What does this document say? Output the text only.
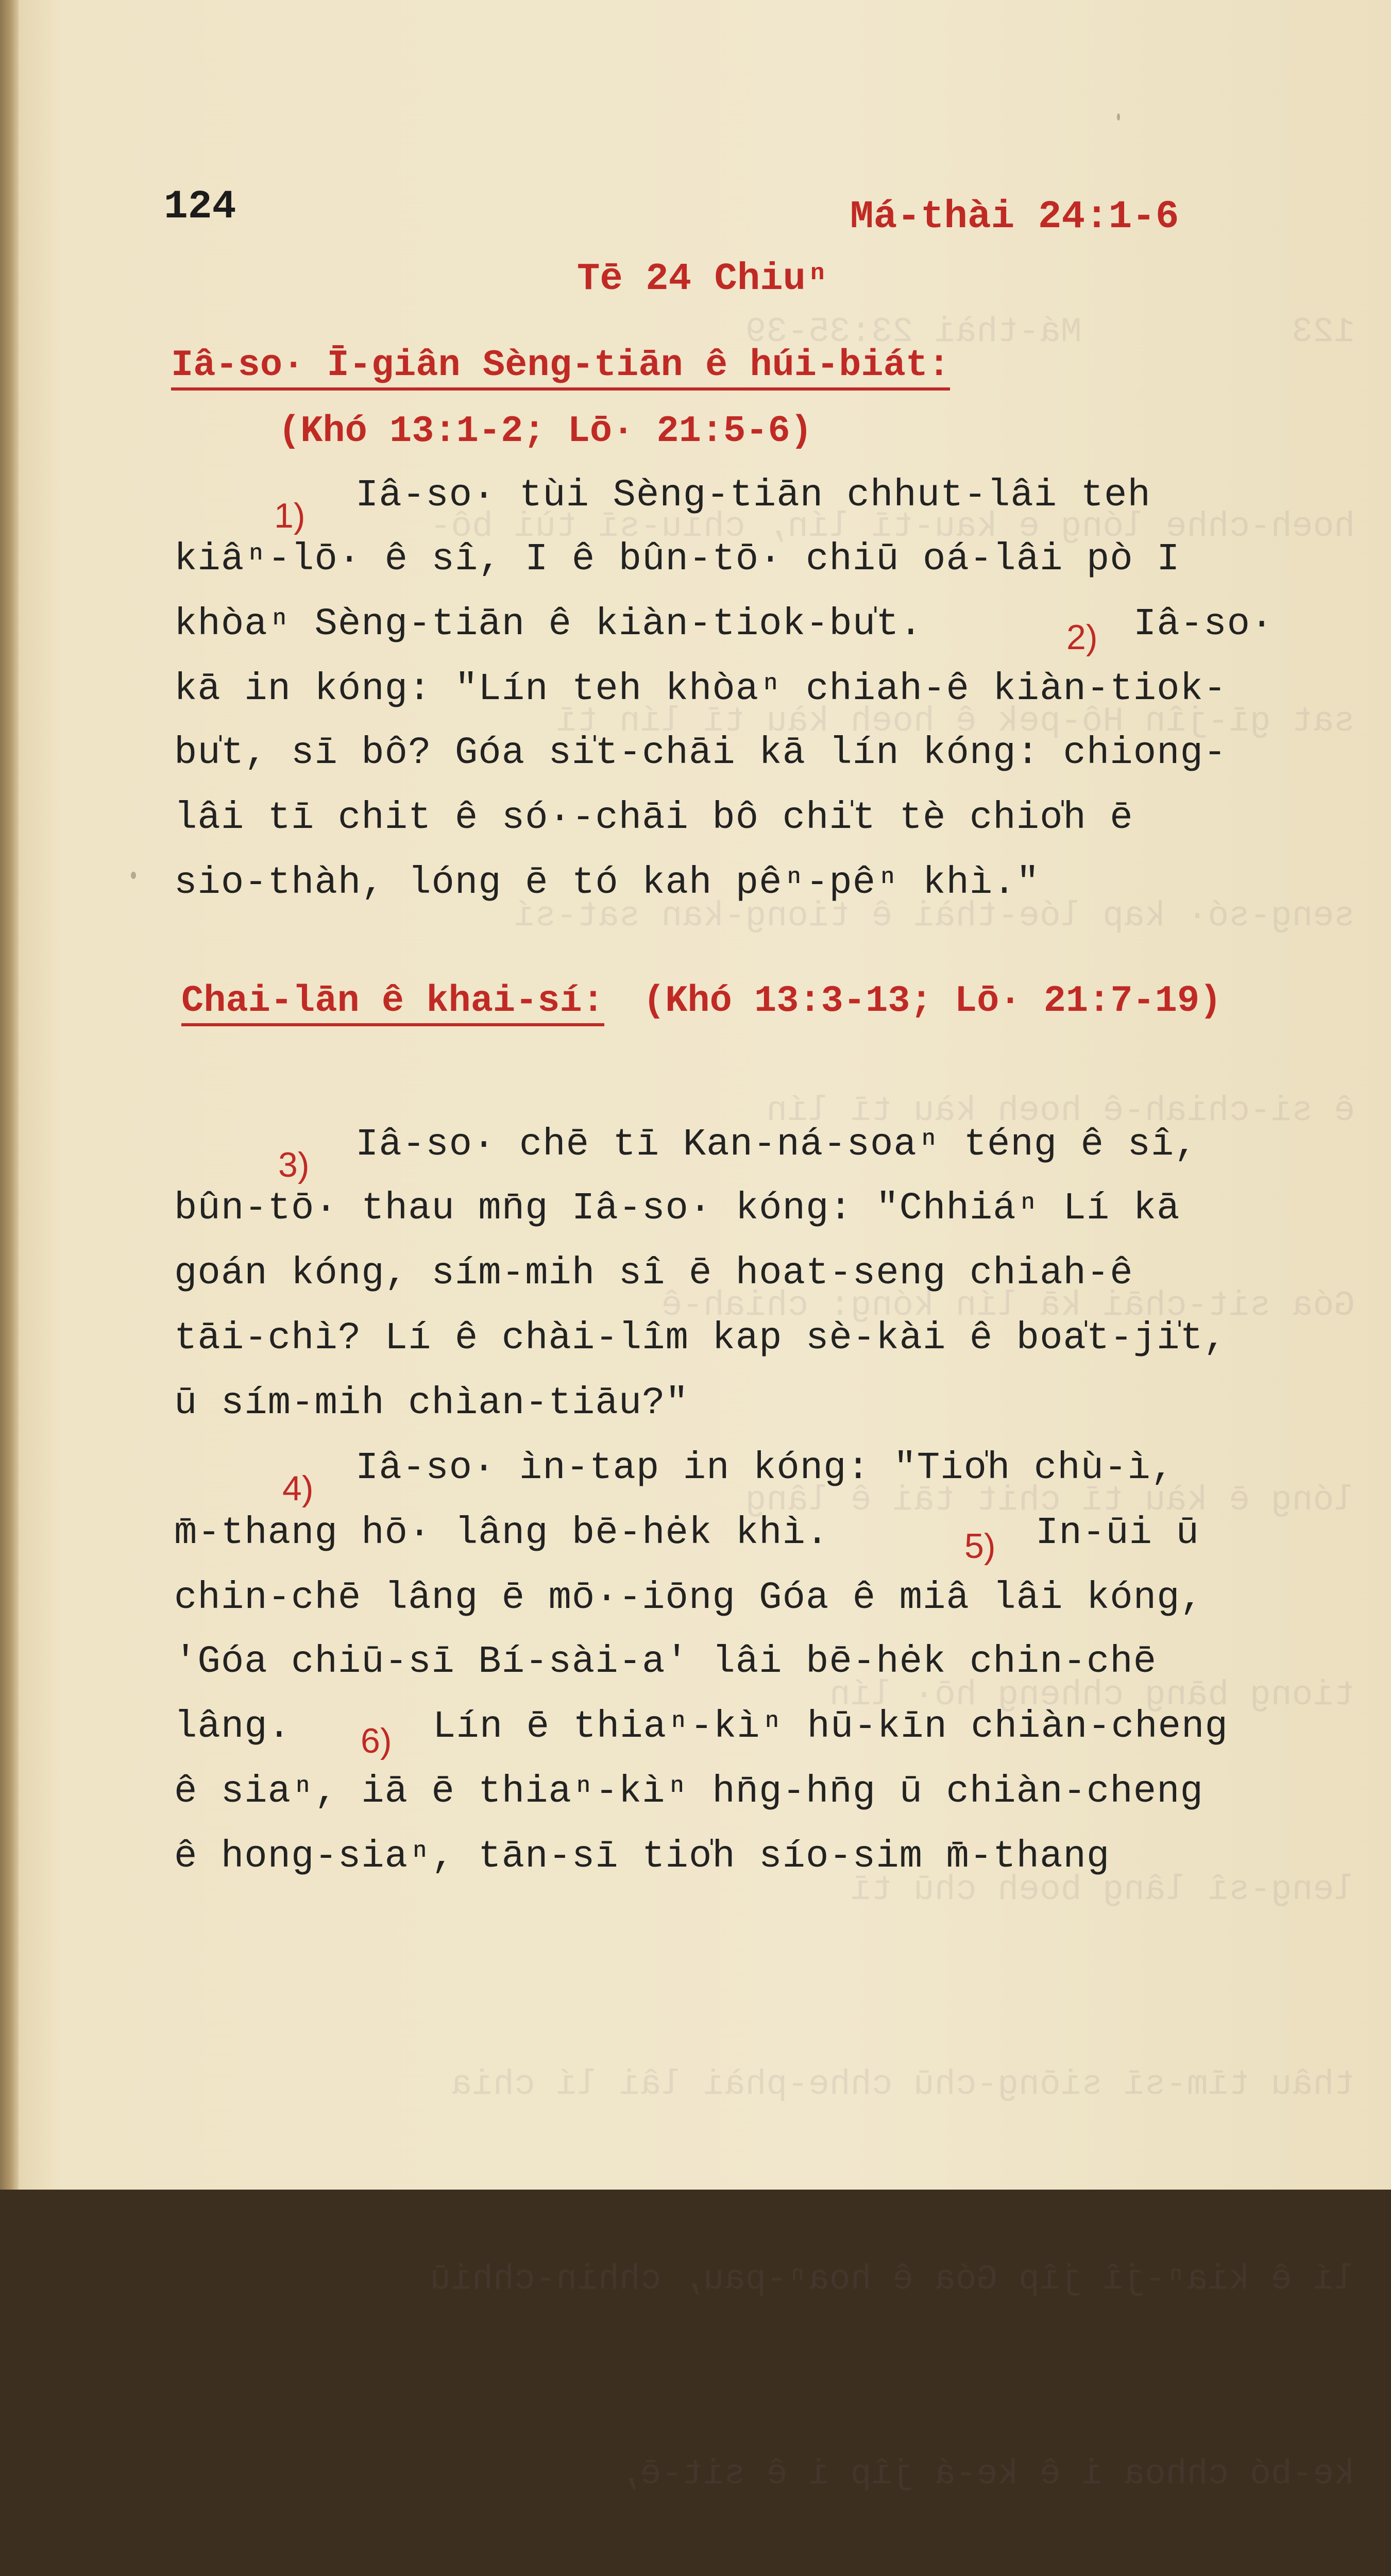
123          Má-thài 23:35-39

hoeh-chhe lóng e kau-tī lín, chiu-sī tùi bô-

sat gī-jîn Hô-pek ê hoeh kàu tī lín tī

seng-só· kap lóe-thài ê tiong-kan sat-sí

ê si-chiah-ê hoeh kàu tī lín

Góa sit-chāi kā lín kóng: chiah-ê

lóng ē kàu tī chit tāi ê lâng

tiong bāng chheng hō· lín

leng-sî lâng boeh chū tī

thâu tīm-sī siōng-chū chhe-phài lâi lí chia

lí ê kiaⁿ-jî jîp Góa ê hoaⁿ-pau, chhin-chhiū

ke-bó chhoa i ê ke-á jîp i ê sit-ē,

124	Má-thài 24:1-6
Tē 24 Chiuⁿ
Iâ-so· Ī-giân Sèng-tiān ê húi-biát:
(Khó 13:1-2; Lō· 21:5-6)
1) Iâ-so· tùi Sèng-tiān chhut-lâi teh
kiâⁿ-lō· ê sî, I ê bûn-tō· chiū oá-lâi pò I
khòaⁿ Sèng-tiān ê kiàn-tiok-bu̍t.	2) Iâ-so·
kā in kóng: "Lín teh khòaⁿ chiah-ê kiàn-tiok-
bu̍t, sī bô? Góa si̍t-chāi kā lín kóng: chiong-
lâi tī chit ê só·-chāi bô chi̍t tè chio̍h ē
sio-thàh, lóng ē tó kah pêⁿ-pêⁿ khì."
Chai-lān ê khai-sí: (Khó 13:3-13; Lō· 21:7-19)
3) Iâ-so· chē tī Kan-ná-soaⁿ téng ê sî,
bûn-tō· thau mn̄g Iâ-so· kóng: "Chhiáⁿ Lí kā
goán kóng, sím-mih sî ē hoat-seng chiah-ê
tāi-chì? Lí ê chài-lîm kap sè-kài ê boa̍t-ji̍t,
ū sím-mih chìan-tiāu?"
4) Iâ-so· ìn-tap in kóng: "Tio̍h chù-ì,
m̄-thang hō· lâng bē-hėk khì.	5) In-ūi ū
chin-chē lâng ē mō·-iōng Góa ê miâ lâi kóng,
'Góa chiū-sī Bí-sài-a' lâi bē-hėk chin-chē
lâng. 6) Lín ē thiaⁿ-kìⁿ hū-kīn chiàn-cheng
ê siaⁿ, iā ē thiaⁿ-kìⁿ hn̄g-hn̄g ū chiàn-cheng
ê hong-siaⁿ, tān-sī tio̍h sío-sim m̄-thang
